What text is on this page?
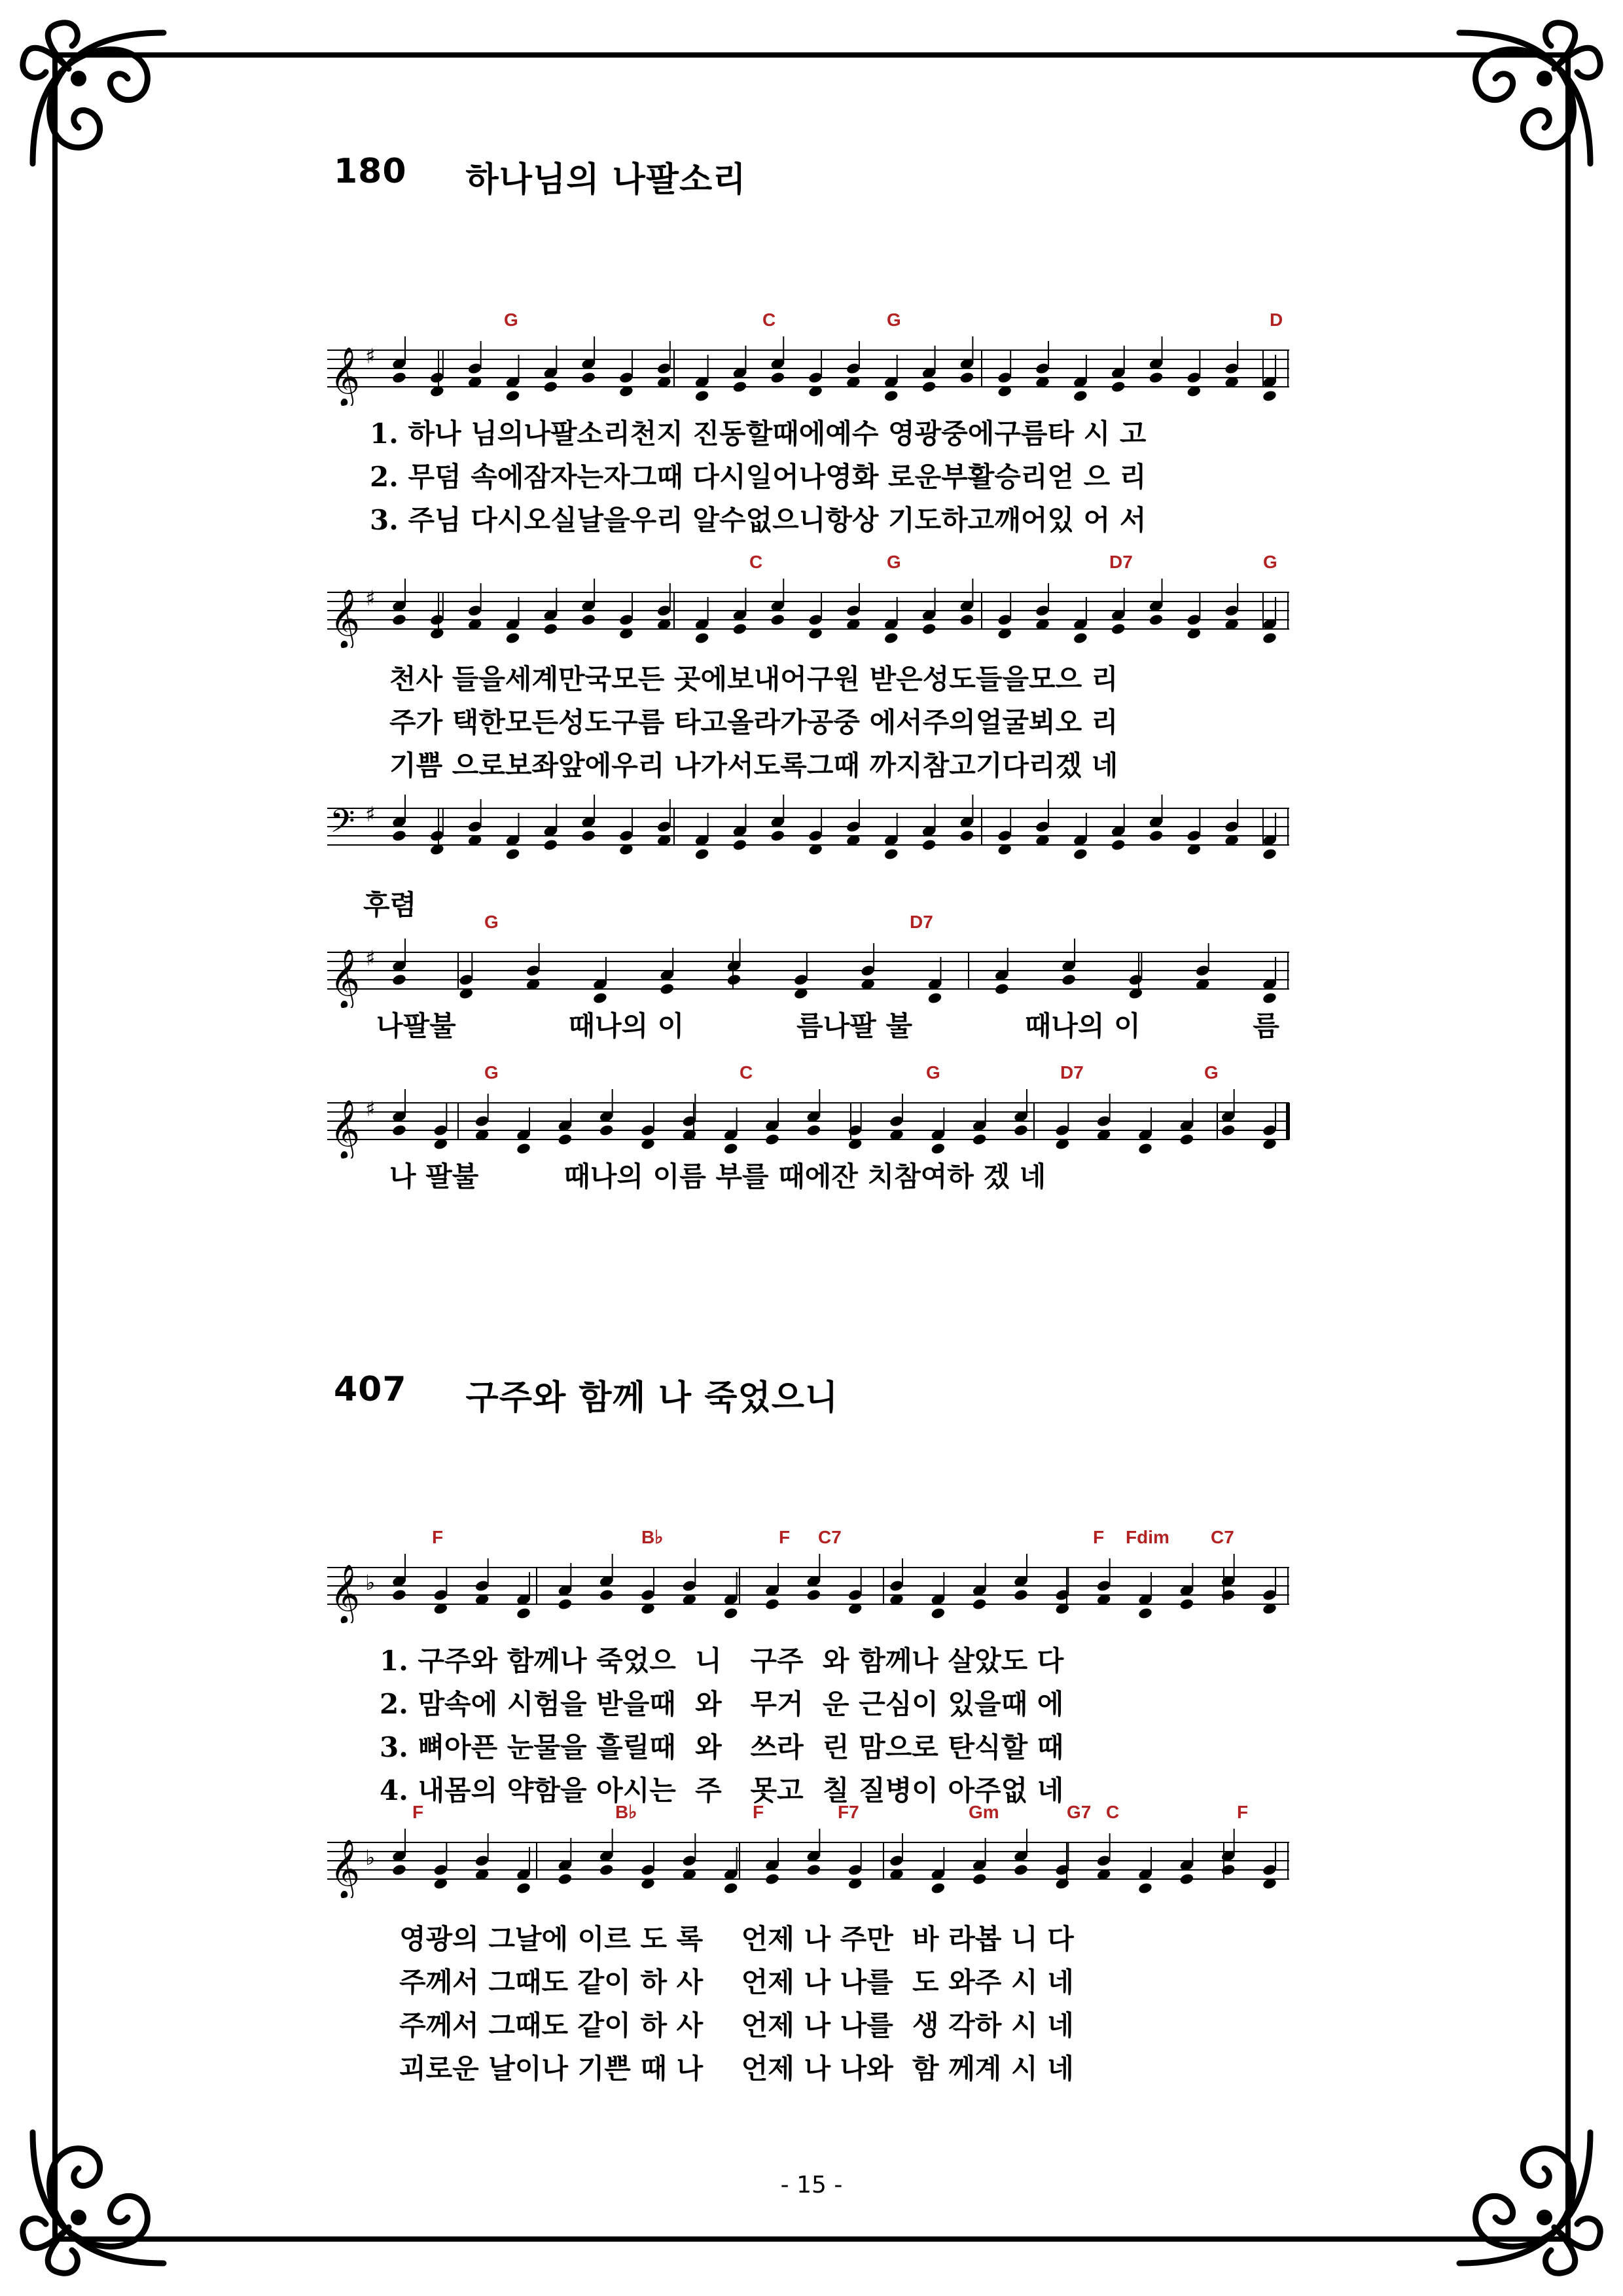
180 하나님의 나팔소리
𝄞 ♯
G	C	G	D
1. 하나 님의나팔소리천지 진동할때에예수 영광중에구름타 시 고
2. 무덤 속에잠자는자그때 다시일어나영화 로운부활승리얻 으 리
3. 주님 다시오실날을우리 알수없으니항상 기도하고깨어있 어 서
𝄞 ♯
C	G	D7	G
천사 들을세계만국모든 곳에보내어구원 받은성도들을모으 리
주가 택한모든성도구름 타고올라가공중 에서주의얼굴뵈오 리
기쁨 으로보좌앞에우리 나가서도록그때 까지참고기다리겠 네
𝄢 ♯
후렴
𝄞 ♯
G	D7
나팔불	때나의 이	름나팔 불	때나의 이	름
𝄞 ♯
G	C	G	D7	G
나 팔불	때나의 이름 부를 때에잔 치참여하 겠 네
407 구주와 함께 나 죽었으니
𝄞 ♭
F	B♭	F C7	F Fdim C7
1. 구주와 함께나 죽었으  니   구주  와 함께나 살았도 다
2. 맘속에 시험을 받을때  와   무거  운 근심이 있을때 에
3. 뼈아픈 눈물을 흘릴때  와   쓰라  린 맘으로 탄식할 때
4. 내몸의 약함을 아시는  주   못고  칠 질병이 아주없 네
𝄞 ♭
F	B♭	F	F7	Gm	G7 C	F
영광의 그날에 이르 도 록    언제 나 주만  바 라봅 니 다
주께서 그때도 같이 하 사    언제 나 나를  도 와주 시 네
주께서 그때도 같이 하 사    언제 나 나를  생 각하 시 네
괴로운 날이나 기쁜 때 나    언제 나 나와  함 께계 시 네
- 15 -
